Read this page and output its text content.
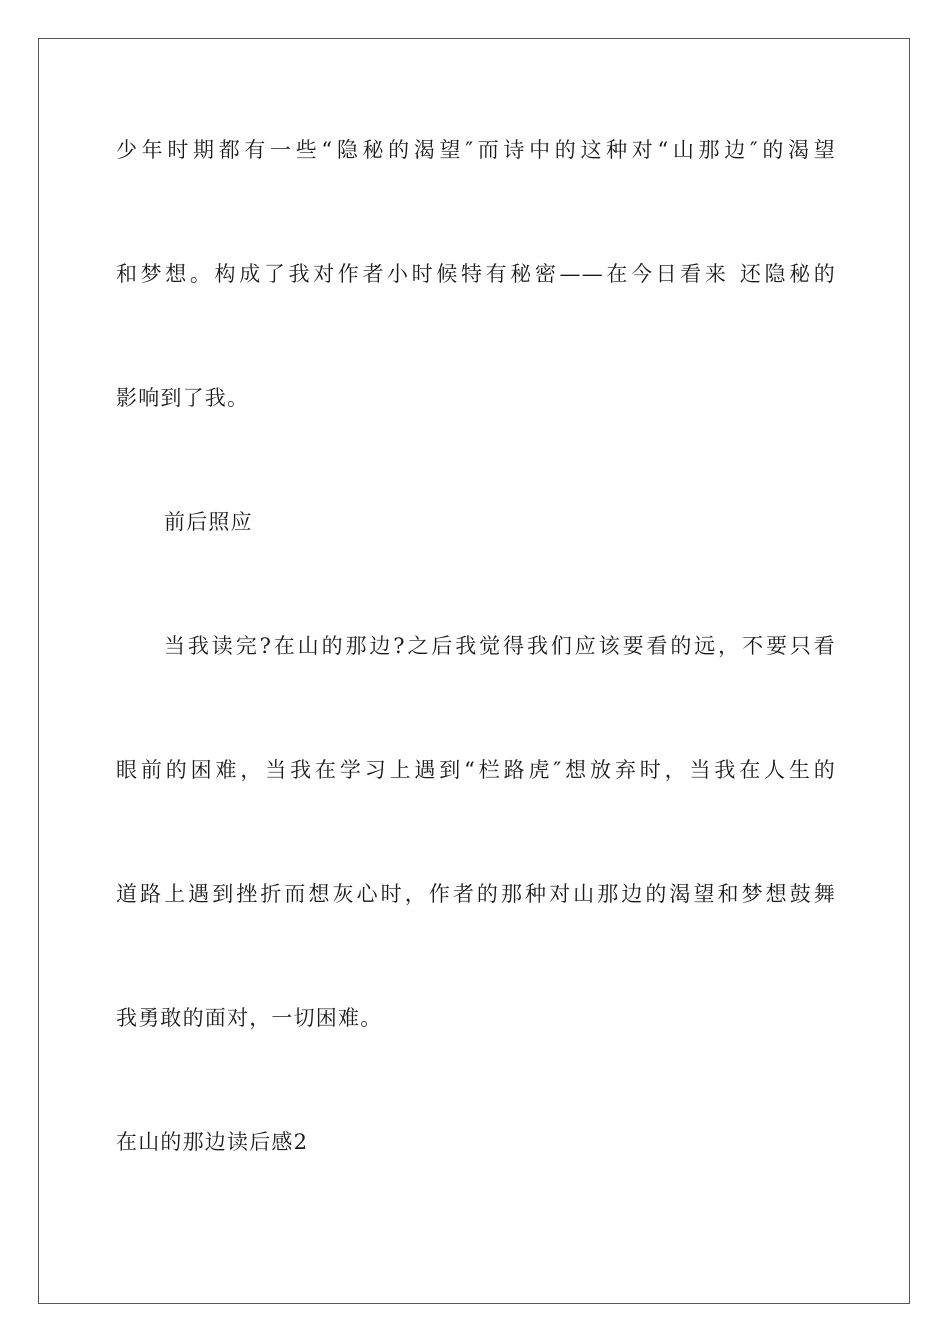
少年时期都有一些“隐秘的渴望″而诗中的这种对“山那边″的渴望
和梦想。构成了我对作者小时候特有秘密——在今日看来 还隐秘的
影响到了我。
前后照应
当我读完?在山的那边?之后我觉得我们应该要看的远，不要只看
眼前的困难，当我在学习上遇到“栏路虎″想放弃时，当我在人生的
道路上遇到挫折而想灰心时，作者的那种对山那边的渴望和梦想鼓舞
我勇敢的面对，一切困难。
在山的那边读后感2
